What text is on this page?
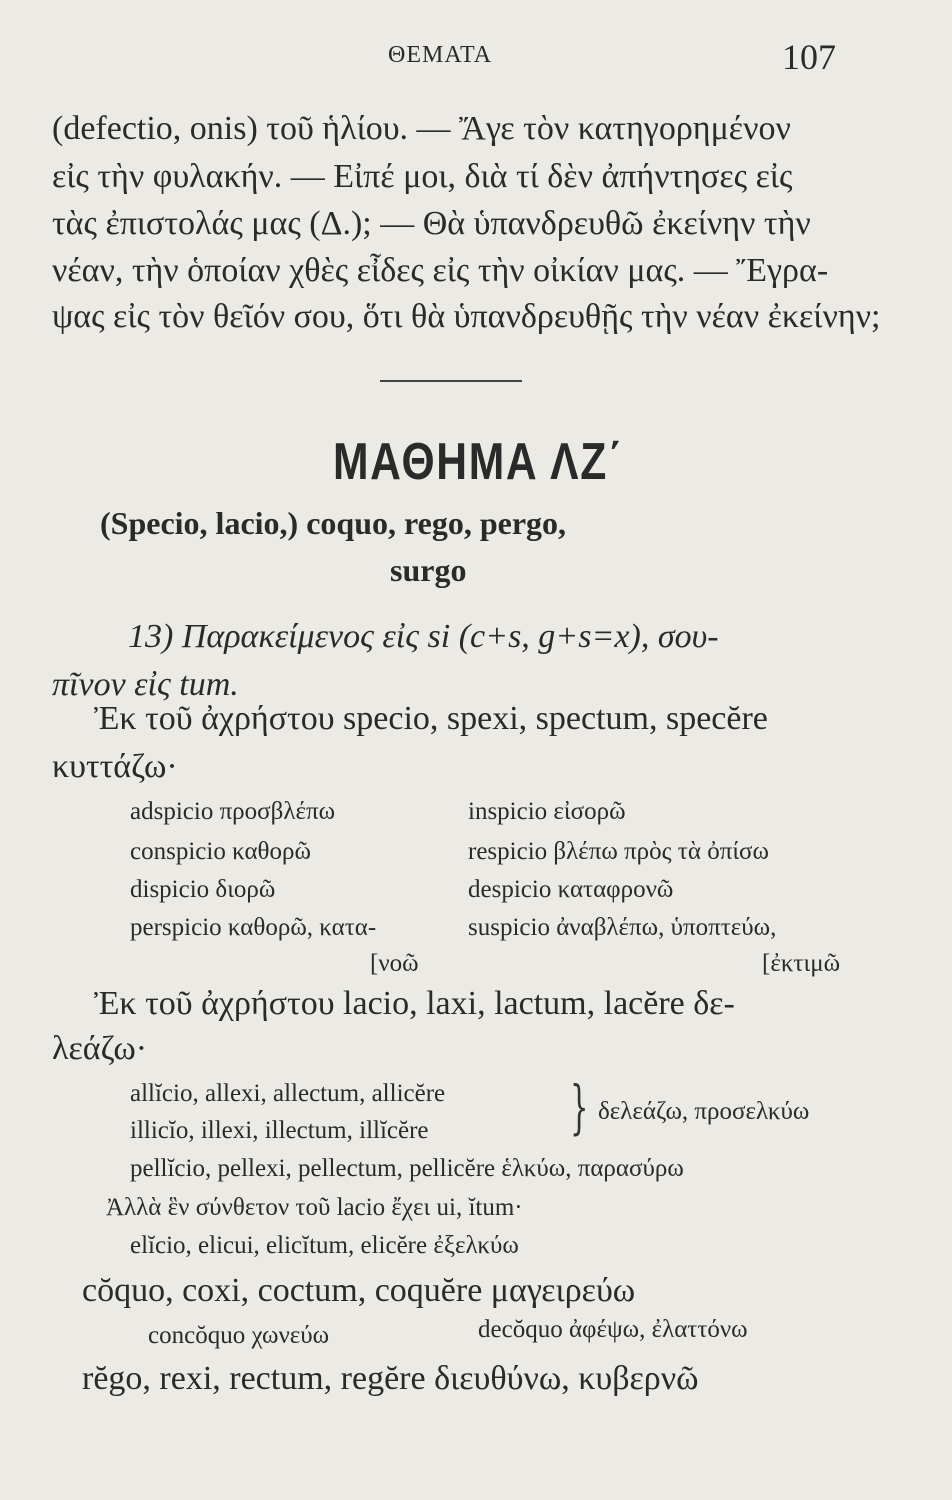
ΘΕΜΑΤΑ	107
(defectio, onis) τοῦ ἡλίου. — Ἄγε τὸν κατηγορημένον
εἰς τὴν φυλακήν. — Εἰπέ μοι, διὰ τί δὲν ἀπήντησες εἰς
τὰς ἐπιστολάς μας (Δ.); — Θὰ ὑπανδρευθῶ ἐκείνην τὴν
νέαν, τὴν ὁποίαν χθὲς εἶδες εἰς τὴν οἰκίαν μας. — Ἔγρα-
ψας εἰς τὸν θεῖόν σου, ὅτι θὰ ὑπανδρευθῇς τὴν νέαν ἐκείνην;
ΜΑΘΗΜΑ ΛΖ΄
(Specio, lacio,) coquo, rego, pergo,
surgo
13) Παρακείμενος εἰς si (c+s, g+s=x), σου-
πῖνον εἰς tum.
Ἐκ τοῦ ἀχρήστου specio, spexi, spectum, specĕre
κυττάζω·
adspicio προσβλέπω
conspicio καθορῶ
dispicio διορῶ
perspicio καθορῶ, κατα-
[νοῶ
inspicio εἰσορῶ
respicio βλέπω πρὸς τὰ ὀπίσω
despicio καταφρονῶ
suspicio ἀναβλέπω, ὑποπτεύω,
[ἐκτιμῶ
Ἐκ τοῦ ἀχρήστου lacio, laxi, lactum, lacĕre δε-
λεάζω·
allĭcio, allexi, allectum, allicĕre
illicĭo, illexi, illectum, illĭcĕre } δελεάζω, προσελκύω
pellĭcio, pellexi, pellectum, pellicĕre ἑλκύω, παρασύρω
Ἀλλὰ ἓν σύνθετον τοῦ lacio ἔχει ui, ĭtum·
elĭcio, elicui, elicĭtum, elicĕre ἐξελκύω
cŏquo, coxi, coctum, coquĕre μαγειρεύω
concŏquo χωνεύω	decŏquo ἀφέψω, ἐλαττόνω
rĕgo, rexi, rectum, regĕre διευθύνω, κυβερνῶ
